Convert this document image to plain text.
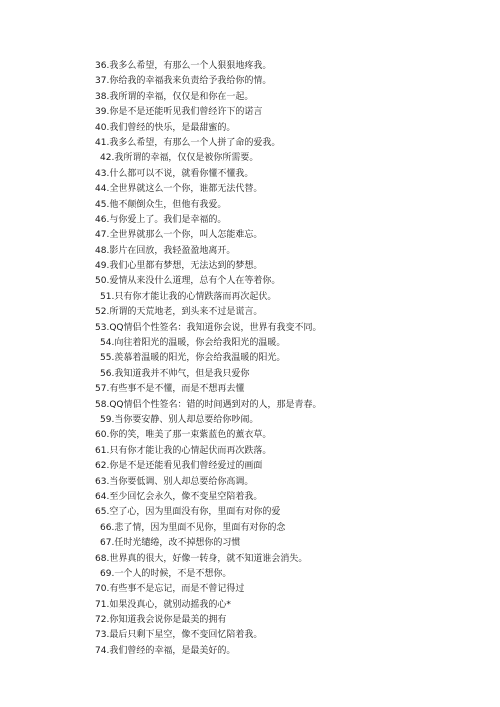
36.我多么希望，有那么一个人狠狠地疼我。
37.你给我的幸福我来负责给予我给你的情。
38.我所谓的幸福，仅仅是和你在一起。
39.你是不是还能听见我们曾经许下的诺言
40.我们曾经的快乐，是最甜蜜的。
41.我多么希望，有那么一个人拼了命的爱我。
42.我所谓的幸福，仅仅是被你所需要。
43.什么都可以不说，就看你懂不懂我。
44.全世界就这么一个你，谁都无法代替。
45.他不颠倒众生，但他有我爱。
46.与你爱上了。我们是幸福的。
47.全世界就那么一个你，叫人怎能难忘。
48.影片在回放，我轻盈盈地离开。
49.我们心里都有梦想，无法达到的梦想。
50.爱情从来没什么道理，总有个人在等着你。
51.只有你才能让我的心情跌落而再次起伏。
52.所谓的天荒地老，到头来不过是谎言。
53.QQ情侣个性签名：我知道你会说，世界有我变不同。
54.向往着阳光的温暖，你会给我阳光的温暖。
55.羡慕着温暖的阳光，你会给我温暖的阳光。
56.我知道我并不帅气，但是我只爱你
57.有些事不是不懂，而是不想再去懂
58.QQ情侣个性签名：错的时间遇到对的人，那是青春。
59.当你要安静、别人却总要给你吵闹。
60.你的笑，唯美了那一束紫蓝色的薰衣草。
61.只有你才能让我的心情起伏而再次跌落。
62.你是不是还能看见我们曾经爱过的画面
63.当你要低调、别人却总要给你高调。
64.至少回忆会永久，像不变星空陪着我。
65.空了心，因为里面没有你，里面有对你的爱
66.悲了情，因为里面不见你，里面有对你的念
67.任时光缱绻，改不掉想你的习惯
68.世界真的很大，好像一转身，就不知道谁会消失。
69.一个人的时候，不是不想你。
70.有些事不是忘记，而是不曾记得过
71.如果没真心，就别动摇我的心*
72.你知道我会说你是最美的拥有
73.最后只剩下星空，像不变回忆陪着我。
74.我们曾经的幸福，是最美好的。
